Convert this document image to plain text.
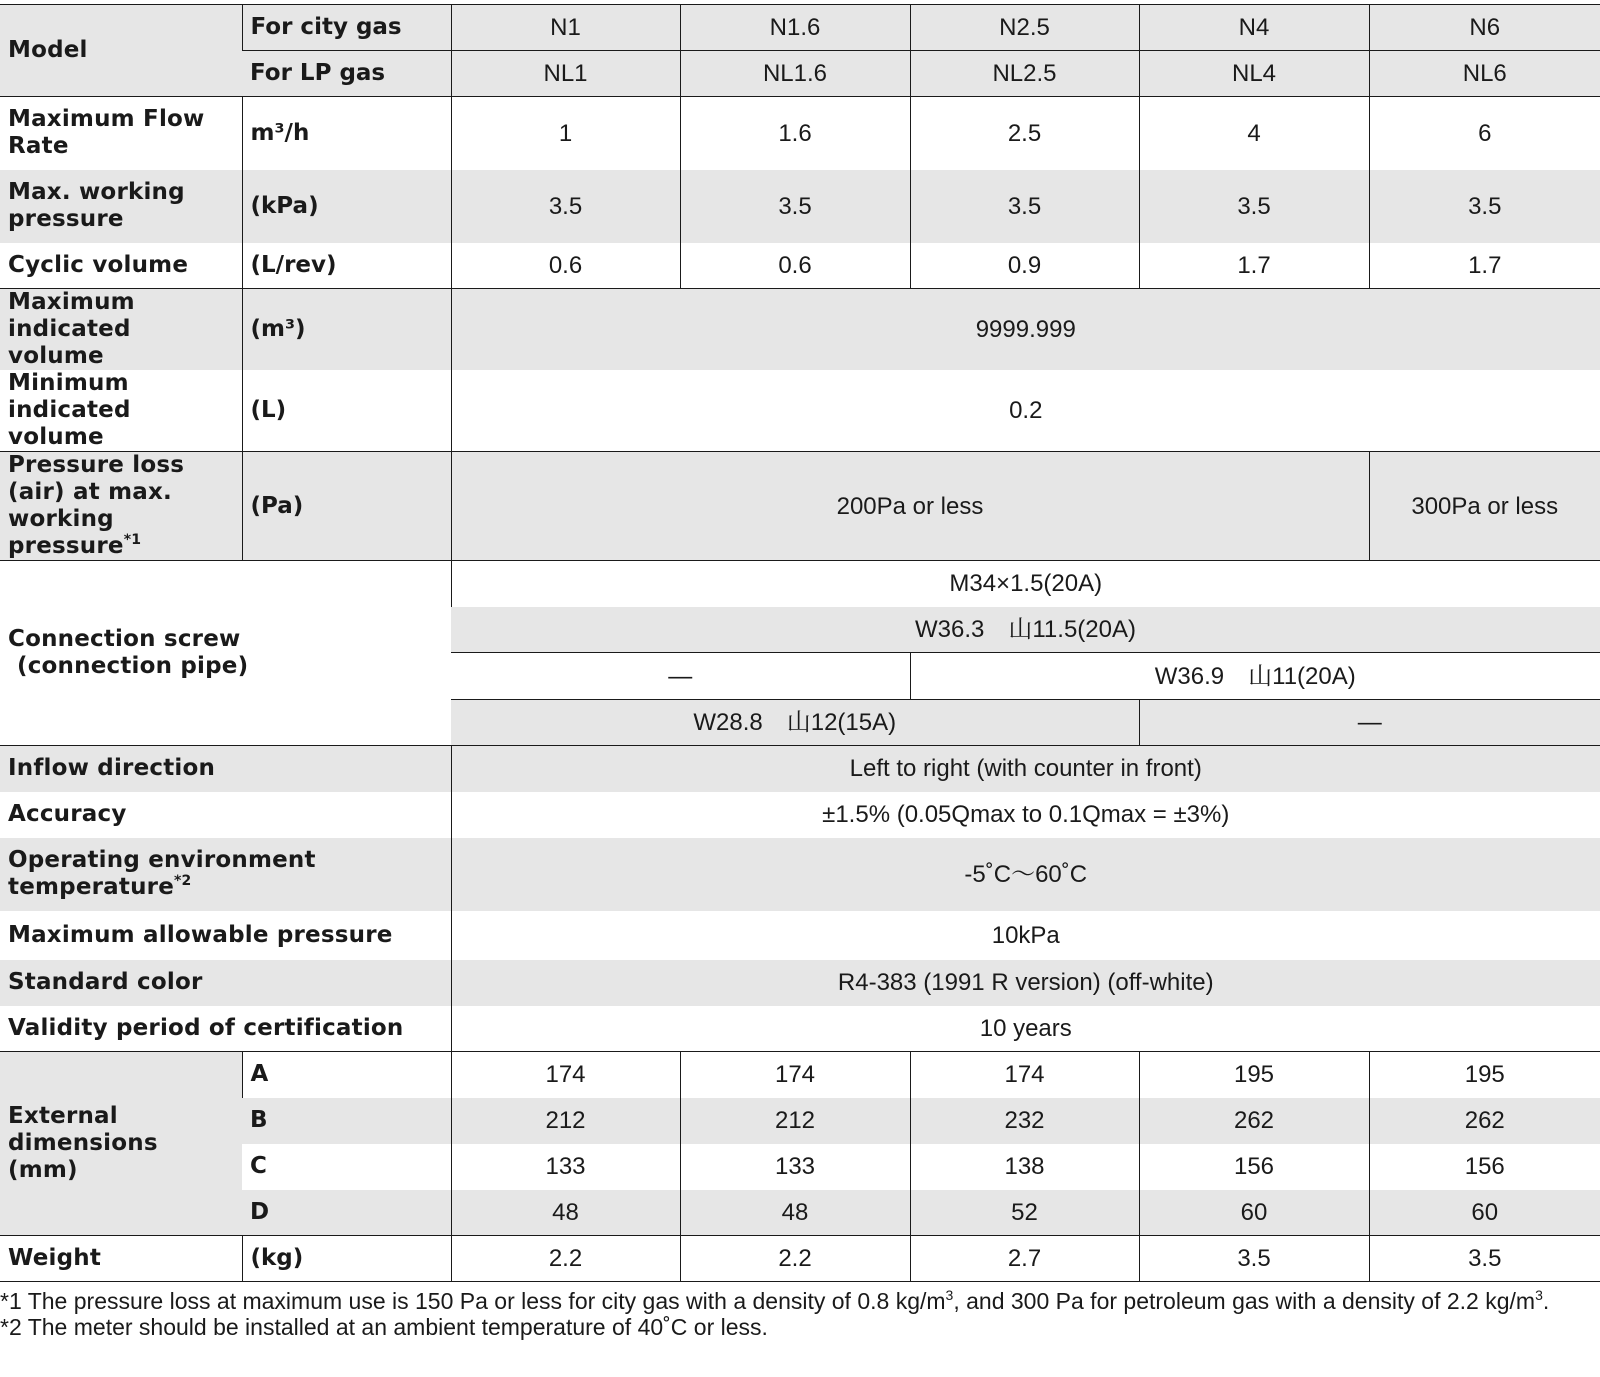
Model	For city gas	N1	N1.6	N2.5	N4	N6
	For LP gas	NL1	NL1.6	NL2.5	NL4	NL6
Maximum Flow Rate	m³/h	1	1.6	2.5	4	6
Max. working pressure	(kPa)	3.5	3.5	3.5	3.5	3.5
Cyclic volume	(L/rev)	0.6	0.6	0.9	1.7	1.7
Maximum indicated volume	(m³)	9999.999				
Minimum indicated volume	(L)	0.2				
Pressure loss (air) at max. working pressure$^{*1}$	(Pa)	200Pa or less				300Pa or less

Connection screw
(connection pipe)		M34×1.5(20A)				
		W36.3　山11.5(20A)				
		—		W36.9　山11(20A)		
		W28.8　山12(15A)			—	
Inflow direction		Left to right (with counter in front)				
Accuracy		±1.5% (0.05Qmax to 0.1Qmax = ±3%)				

Operating environment
temperature$^{*2}$		-5˚C～60˚C				
Maximum allowable pressure		10kPa				
Standard color		R4-383 (1991 R version) (off-white)				
Validity period of certification		10 years				

External dimensions (mm)	A	174	174	174	195	195
	B	212	212	232	262	262
	C	133	133	138	156	156
	D	48	48	52	60	60
Weight	(kg)	2.2	2.2	2.7	3.5	3.5

*1 The pressure loss at maximum use is 150 Pa or less for city gas with a density of 0.8 $kg/m^3$, and 300 Pa for petroleum gas with a density of 2.2 $kg/m^3$.

*2 The meter should be installed at an ambient temperature of 40˚C or less.
